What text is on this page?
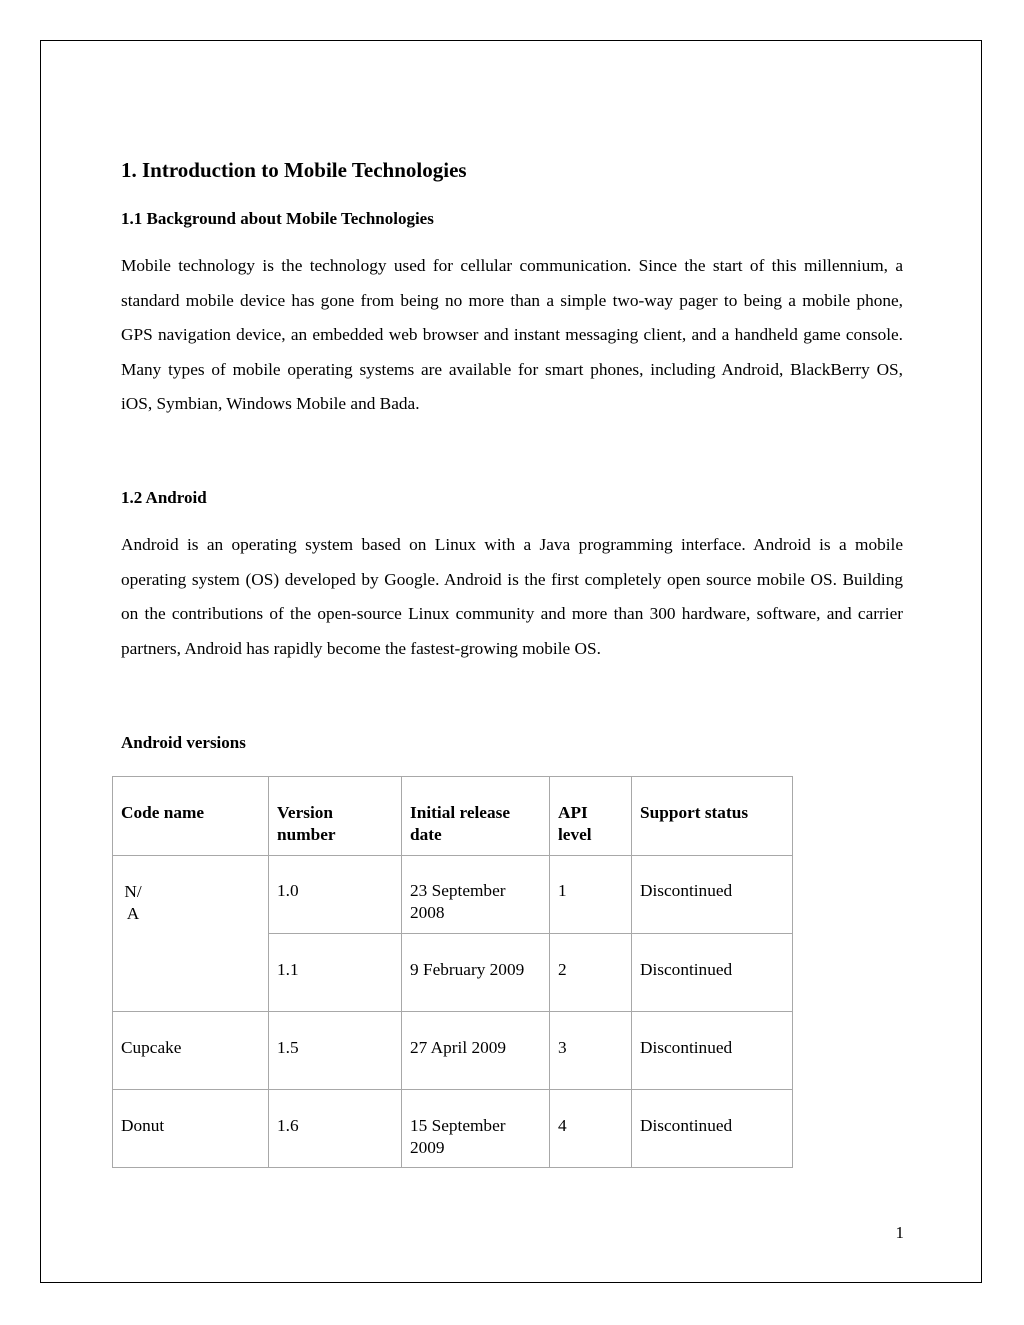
1. Introduction to Mobile Technologies
1.1 Background about Mobile Technologies

Mobile technology is the technology used for cellular communication. Since the start of this millennium, a standard mobile device has gone from being no more than a simple two-way pager to being a mobile phone, GPS navigation device, an embedded web browser and instant messaging client, and a handheld game console. Many types of mobile operating systems are available for smart phones, including Android, BlackBerry OS, iOS, Symbian, Windows Mobile and Bada.

1.2 Android

Android is an operating system based on Linux with a Java programming interface. Android is a mobile operating system (OS) developed by Google. Android is the first completely open source mobile OS. Building on the contributions of the open-source Linux community and more than 300 hardware, software, and carrier partners, Android has rapidly become the fastest-growing mobile OS.

Android versions
Code name	Version number	Initial release date	API level	Support status
N/A	1.0	23 September 2008	1	Discontinued
	1.1	9 February 2009	2	Discontinued
Cupcake	1.5	27 April 2009	3	Discontinued
Donut	1.6	15 September 2009	4	Discontinued
1
